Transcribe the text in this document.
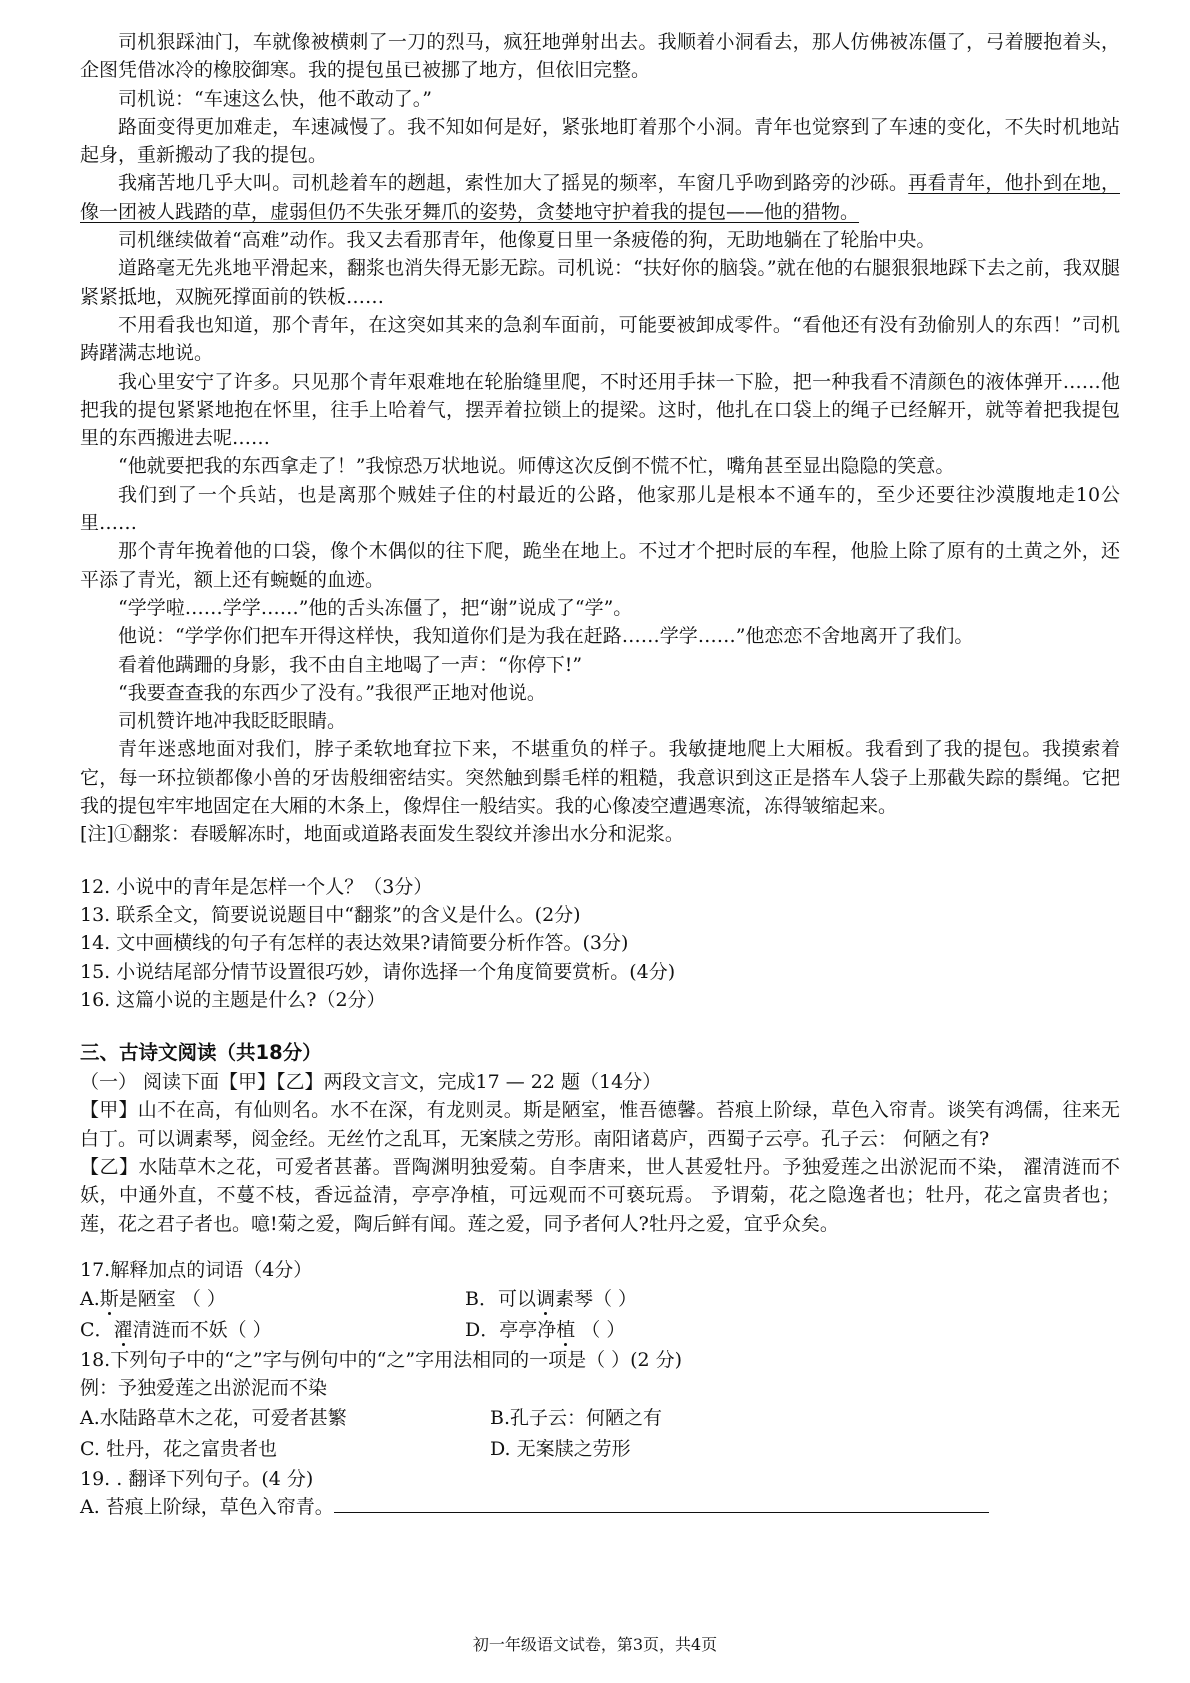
司机狠踩油门，车就像被横刺了一刀的烈马，疯狂地弹射出去。我顺着小洞看去，那人仿佛被冻僵了，弓着腰抱着头，企图凭借冰冷的橡胶御寒。我的提包虽已被挪了地方，但依旧完整。

司机说：“车速这么快，他不敢动了。”

路面变得更加难走，车速减慢了。我不知如何是好，紧张地盯着那个小洞。青年也觉察到了车速的变化，不失时机地站起身，重新搬动了我的提包。

我痛苦地几乎大叫。司机趁着车的趔趄，索性加大了摇晃的频率，车窗几乎吻到路旁的沙砾。再看青年，他扑到在地，像一团被人践踏的草，虚弱但仍不失张牙舞爪的姿势，贪婪地守护着我的提包——他的猎物。

司机继续做着“高难”动作。我又去看那青年，他像夏日里一条疲倦的狗，无助地躺在了轮胎中央。

道路毫无先兆地平滑起来，翻浆也消失得无影无踪。司机说：“扶好你的脑袋。”就在他的右腿狠狠地踩下去之前，我双腿紧紧抵地，双腕死撑面前的铁板……

不用看我也知道，那个青年，在这突如其来的急刹车面前，可能要被卸成零件。“看他还有没有劲偷别人的东西！”司机踌躇满志地说。

我心里安宁了许多。只见那个青年艰难地在轮胎缝里爬，不时还用手抹一下脸，把一种我看不清颜色的液体弹开……他把我的提包紧紧地抱在怀里，往手上哈着气，摆弄着拉锁上的提梁。这时，他扎在口袋上的绳子已经解开，就等着把我提包里的东西搬进去呢……

“他就要把我的东西拿走了！”我惊恐万状地说。师傅这次反倒不慌不忙，嘴角甚至显出隐隐的笑意。

我们到了一个兵站，也是离那个贼娃子住的村最近的公路，他家那儿是根本不通车的，至少还要往沙漠腹地走10公里……

那个青年挽着他的口袋，像个木偶似的往下爬，跪坐在地上。不过才个把时辰的车程，他脸上除了原有的土黄之外，还平添了青光，额上还有蜿蜒的血迹。

“学学啦……学学……”他的舌头冻僵了，把“谢”说成了“学”。

他说：“学学你们把车开得这样快，我知道你们是为我在赶路……学学……”他恋恋不舍地离开了我们。

看着他蹒跚的身影，我不由自主地喝了一声：“你停下!”

“我要查查我的东西少了没有。”我很严正地对他说。

司机赞许地冲我眨眨眼睛。

青年迷惑地面对我们，脖子柔软地耷拉下来，不堪重负的样子。我敏捷地爬上大厢板。我看到了我的提包。我摸索着它，每一环拉锁都像小兽的牙齿般细密结实。突然触到鬃毛样的粗糙，我意识到这正是搭车人袋子上那截失踪的鬃绳。它把我的提包牢牢地固定在大厢的木条上，像焊住一般结实。我的心像凌空遭遇寒流，冻得皱缩起来。

[注]①翻浆：春暖解冻时，地面或道路表面发生裂纹并渗出水分和泥浆。

12. 小说中的青年是怎样一个人？（3分）

13. 联系全文，简要说说题目中“翻浆”的含义是什么。(2分)

14. 文中画横线的句子有怎样的表达效果?请简要分析作答。(3分)

15. 小说结尾部分情节设置很巧妙，请你选择一个角度简要赏析。(4分)

16. 这篇小说的主题是什么?（2分）

三、古诗文阅读（共18分）

（一） 阅读下面【甲】【乙】两段文言文，完成17 — 22 题（14分）

【甲】山不在高，有仙则名。水不在深，有龙则灵。斯是陋室，惟吾德馨。苔痕上阶绿，草色入帘青。谈笑有鸿儒，往来无白丁。可以调素琴，阅金经。无丝竹之乱耳，无案牍之劳形。南阳诸葛庐，西蜀子云亭。孔子云： 何陋之有?

【乙】水陆草木之花，可爱者甚蕃。晋陶渊明独爱菊。自李唐来，世人甚爱牡丹。予独爱莲之出淤泥而不染， 濯清涟而不妖，中通外直，不蔓不枝，香远益清，亭亭净植，可远观而不可亵玩焉。 予谓菊，花之隐逸者也；牡丹，花之富贵者也；莲，花之君子者也。噫!菊之爱，陶后鲜有闻。莲之爱，同予者何人?牡丹之爱，宜乎众矣。

17.解释加点的词语（4分）

A.斯是陋室 （ ）	B．可以调素琴（ ）
C．濯清涟而不妖（ ）	D．亭亭净植 （ ）

18.下列句子中的“之”字与例句中的“之”字用法相同的一项是（ ）(2 分)

例：予独爱莲之出淤泥而不染

A.水陆路草木之花，可爱者甚繁	B.孔子云：何陋之有
C. 牡丹，花之富贵者也	D. 无案牍之劳形

19. . 翻译下列句子。(4 分)

A. 苔痕上阶绿，草色入帘青。

初一年级语文试卷，第3页，共4页
